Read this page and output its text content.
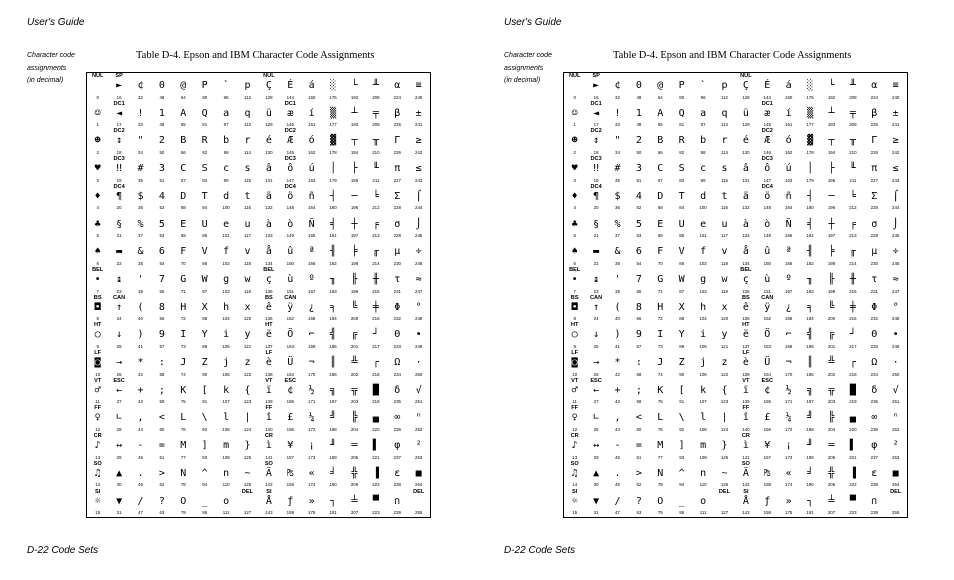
User's Guide
Character code
assignments
(in decimal)
Table D-4. Epson and IBM Character Code Assignments
NUL
0
☺
1
☻
2
♥
3
♦
4
♣
5
♠
6
BEL
•
7
BS
◘
8
HT
○
9
LF
◙
10
VT
♂
11
FF
♀
12
CR
♪
13
SO
♫
14
SI
☼
15
SP
►
16
DC1
◄
17
DC2
↕
18
DC3
‼
19
DC4
¶
20
§
21
▬
22
↨
23
CAN
↑
24
↓
25
→
26
ESC
←
27
∟
28
↔
29
▲
30
▼
31
¢
32
!
33
"
34
#
35
$
36
%
37
&
38
'
39
(
40
)
41
*
42
+
43
,
44
-
45
.
46
/
47
0
48
1
49
2
50
3
51
4
52
5
53
6
54
7
55
8
56
9
57
:
58
;
59
<
60
=
61
>
62
?
63
@
64
A
65
B
66
C
67
D
68
E
69
F
70
G
71
H
72
I
73
J
74
K
75
L
76
M
77
N
78
O
79
P
80
Q
81
R
82
S
83
T
84
U
85
V
86
W
87
X
88
Y
89
Z
90
[
91
\
92
]
93
^
94
_
95
`
96
a
97
b
98
c
99
d
100
e
101
f
102
g
103
h
104
i
105
j
106
k
107
l
108
m
109
n
110
o
111
p
112
q
113
r
114
s
115
t
116
u
117
v
118
w
119
x
120
y
121
z
122
{
123
|
124
}
125
~
126
DEL
127
NUL
Ç
128
ü
129
é
130
â
131
ä
132
à
133
å
134
BEL
ç
135
BS
ê
136
HT
ë
137
LF
è
138
VT
ï
139
FF
î
140
CR
ì
141
SO
Ä
142
SI
Å
143
É
144
DC1
æ
145
DC2
Æ
146
DC3
ô
147
DC4
ö
148
ò
149
û
150
ù
151
CAN
ÿ
152
Ö
153
Ü
154
ESC
¢
155
£
156
¥
157
₧
158
ƒ
159
á
160
í
161
ó
162
ú
163
ñ
164
Ñ
165
ª
166
º
167
¿
168
⌐
169
¬
170
½
171
¼
172
¡
173
«
174
»
175
░
176
▒
177
▓
178
│
179
┤
180
╡
181
╢
182
╖
183
╕
184
╣
185
║
186
╗
187
╝
188
╜
189
╛
190
┐
191
└
192
┴
193
┬
194
├
195
─
196
┼
197
╞
198
╟
199
╚
200
╔
201
╩
202
╦
203
╠
204
═
205
╬
206
╧
207
╨
208
╤
209
╥
210
╙
211
╘
212
╒
213
╓
214
╫
215
╪
216
┘
217
┌
218
█
219
▄
220
▌
221
▐
222
▀
223
α
224
β
225
Γ
226
π
227
Σ
228
σ
229
µ
230
τ
231
Φ
232
Θ
233
Ω
234
δ
235
∞
236
φ
237
ε
238
∩
239
≡
240
±
241
≥
242
≤
243
⌠
244
⌡
245
÷
246
≈
247
°
248
∙
249
·
250
√
251
ⁿ
252
²
253
■
254
DEL
255
D-22 Code Sets
User's Guide
Character code
assignments
(in decimal)
Table D-4. Epson and IBM Character Code Assignments
NUL
0
☺
1
☻
2
♥
3
♦
4
♣
5
♠
6
BEL
•
7
BS
◘
8
HT
○
9
LF
◙
10
VT
♂
11
FF
♀
12
CR
♪
13
SO
♫
14
SI
☼
15
SP
►
16
DC1
◄
17
DC2
↕
18
DC3
‼
19
DC4
¶
20
§
21
▬
22
↨
23
CAN
↑
24
↓
25
→
26
ESC
←
27
∟
28
↔
29
▲
30
▼
31
¢
32
!
33
"
34
#
35
$
36
%
37
&
38
'
39
(
40
)
41
*
42
+
43
,
44
-
45
.
46
/
47
0
48
1
49
2
50
3
51
4
52
5
53
6
54
7
55
8
56
9
57
:
58
;
59
<
60
=
61
>
62
?
63
@
64
A
65
B
66
C
67
D
68
E
69
F
70
G
71
H
72
I
73
J
74
K
75
L
76
M
77
N
78
O
79
P
80
Q
81
R
82
S
83
T
84
U
85
V
86
W
87
X
88
Y
89
Z
90
[
91
\
92
]
93
^
94
_
95
`
96
a
97
b
98
c
99
d
100
e
101
f
102
g
103
h
104
i
105
j
106
k
107
l
108
m
109
n
110
o
111
p
112
q
113
r
114
s
115
t
116
u
117
v
118
w
119
x
120
y
121
z
122
{
123
|
124
}
125
~
126
DEL
127
NUL
Ç
128
ü
129
é
130
â
131
ä
132
à
133
å
134
BEL
ç
135
BS
ê
136
HT
ë
137
LF
è
138
VT
ï
139
FF
î
140
CR
ì
141
SO
Ä
142
SI
Å
143
É
144
DC1
æ
145
DC2
Æ
146
DC3
ô
147
DC4
ö
148
ò
149
û
150
ù
151
CAN
ÿ
152
Ö
153
Ü
154
ESC
¢
155
£
156
¥
157
₧
158
ƒ
159
á
160
í
161
ó
162
ú
163
ñ
164
Ñ
165
ª
166
º
167
¿
168
⌐
169
¬
170
½
171
¼
172
¡
173
«
174
»
175
░
176
▒
177
▓
178
│
179
┤
180
╡
181
╢
182
╖
183
╕
184
╣
185
║
186
╗
187
╝
188
╜
189
╛
190
┐
191
└
192
┴
193
┬
194
├
195
─
196
┼
197
╞
198
╟
199
╚
200
╔
201
╩
202
╦
203
╠
204
═
205
╬
206
╧
207
╨
208
╤
209
╥
210
╙
211
╘
212
╒
213
╓
214
╫
215
╪
216
┘
217
┌
218
█
219
▄
220
▌
221
▐
222
▀
223
α
224
β
225
Γ
226
π
227
Σ
228
σ
229
µ
230
τ
231
Φ
232
Θ
233
Ω
234
δ
235
∞
236
φ
237
ε
238
∩
239
≡
240
±
241
≥
242
≤
243
⌠
244
⌡
245
÷
246
≈
247
°
248
∙
249
·
250
√
251
ⁿ
252
²
253
■
254
DEL
255
D-22 Code Sets
